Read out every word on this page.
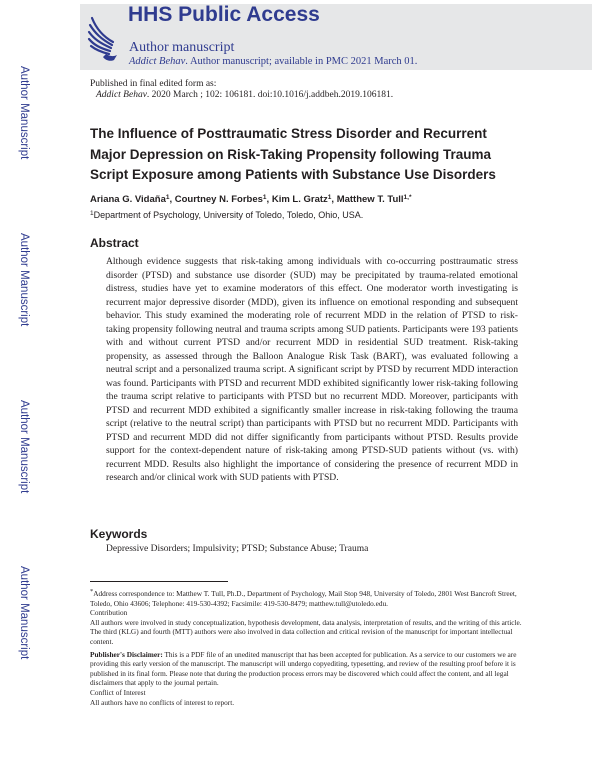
HHS Public Access
Author manuscript
Addict Behav. Author manuscript; available in PMC 2021 March 01.
Author Manuscript
Author Manuscript
Author Manuscript
Author Manuscript
Published in final edited form as:
Addict Behav. 2020 March ; 102: 106181. doi:10.1016/j.addbeh.2019.106181.
The Influence of Posttraumatic Stress Disorder and Recurrent Major Depression on Risk-Taking Propensity following Trauma Script Exposure among Patients with Substance Use Disorders
Ariana G. Vidaña$^1$, Courtney N. Forbes$^1$, Kim L. Gratz$^1$, Matthew T. Tull$^{1,*}$
$^1$Department of Psychology, University of Toledo, Toledo, Ohio, USA.
Abstract

Although evidence suggests that risk-taking among individuals with co-occurring posttraumatic stress disorder (PTSD) and substance use disorder (SUD) may be precipitated by trauma-related emotional distress, studies have yet to examine moderators of this effect. One moderator worth investigating is recurrent major depressive disorder (MDD), given its influence on emotional responding and subsequent behavior. This study examined the moderating role of recurrent MDD in the relation of PTSD to risk-taking propensity following neutral and trauma scripts among SUD patients. Participants were 193 patients with and without current PTSD and/or recurrent MDD in residential SUD treatment. Risk-taking propensity, as assessed through the Balloon Analogue Risk Task (BART), was evaluated following a neutral script and a personalized trauma script. A significant script by PTSD by recurrent MDD interaction was found. Participants with PTSD and recurrent MDD exhibited significantly lower risk-taking following the trauma script relative to participants with PTSD but no recurrent MDD. Moreover, participants with PTSD and recurrent MDD exhibited a significantly smaller increase in risk-taking following the trauma script (relative to the neutral script) than participants with PTSD but no recurrent MDD. Participants with PTSD and recurrent MDD did not differ significantly from participants without PTSD. Results provide support for the context-dependent nature of risk-taking among PTSD-SUD patients without (vs. with) recurrent MDD. Results also highlight the importance of considering the presence of recurrent MDD in research and/or clinical work with SUD patients with PTSD.

Keywords
Depressive Disorders; Impulsivity; PTSD; Substance Abuse; Trauma

*Address correspondence to: Matthew T. Tull, Ph.D., Department of Psychology, Mail Stop 948, University of Toledo, 2801 West Bancroft Street, Toledo, Ohio 43606; Telephone: 419-530-4392; Facsimile: 419-530-8479; matthew.tull@utoledo.edu.

Contribution

All authors were involved in study conceptualization, hypothesis development, data analysis, interpretation of results, and the writing of this article. The third (KLG) and fourth (MTT) authors were also involved in data collection and critical revision of the manuscript for important intellectual content.

Publisher's Disclaimer: This is a PDF file of an unedited manuscript that has been accepted for publication. As a service to our customers we are providing this early version of the manuscript. The manuscript will undergo copyediting, typesetting, and review of the resulting proof before it is published in its final form. Please note that during the production process errors may be discovered which could affect the content, and all legal disclaimers that apply to the journal pertain.

Conflict of Interest

All authors have no conflicts of interest to report.
